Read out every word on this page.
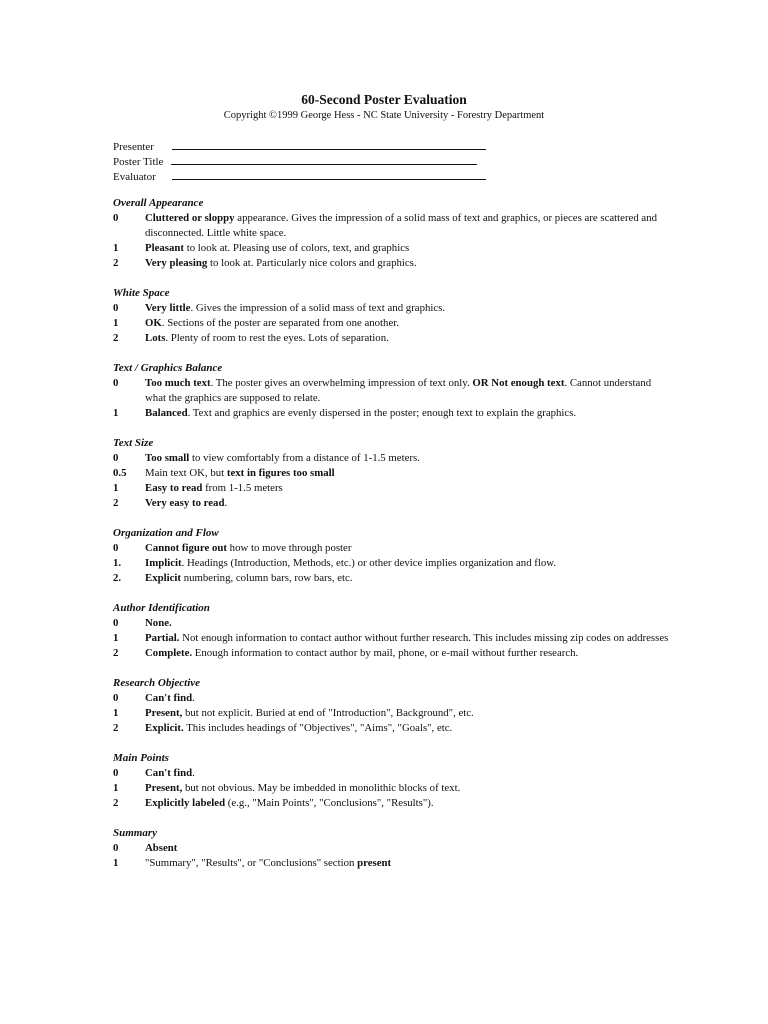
60-Second Poster Evaluation
Copyright ©1999 George Hess - NC State University - Forestry Department
Presenter
Poster Title
Evaluator
Overall Appearance
0	Cluttered or sloppy appearance. Gives the impression of a solid mass of text and graphics, or pieces are scattered and disconnected. Little white space.
1	Pleasant to look at. Pleasing use of colors, text, and graphics
2	Very pleasing to look at. Particularly nice colors and graphics.
White Space
0	Very little. Gives the impression of a solid mass of text and graphics.
1	OK. Sections of the poster are separated from one another.
2	Lots. Plenty of room to rest the eyes. Lots of separation.
Text / Graphics Balance
0	Too much text. The poster gives an overwhelming impression of text only. OR Not enough text. Cannot understand what the graphics are supposed to relate.
1	Balanced. Text and graphics are evenly dispersed in the poster; enough text to explain the graphics.
Text Size
0	Too small to view comfortably from a distance of 1-1.5 meters.
0.5	Main text OK, but text in figures too small
1	Easy to read from 1-1.5 meters
2	Very easy to read.
Organization and Flow
0	Cannot figure out how to move through poster
1.	Implicit. Headings (Introduction, Methods, etc.) or other device implies organization and flow.
2.	Explicit numbering, column bars, row bars, etc.
Author Identification
0	None.
1	Partial. Not enough information to contact author without further research. This includes missing zip codes on addresses
2	Complete. Enough information to contact author by mail, phone, or e-mail without further research.
Research Objective
0	Can't find.
1	Present, but not explicit. Buried at end of "Introduction", Background", etc.
2	Explicit. This includes headings of "Objectives", "Aims", "Goals", etc.
Main Points
0	Can't find.
1	Present, but not obvious. May be imbedded in monolithic blocks of text.
2	Explicitly labeled (e.g., "Main Points", "Conclusions", "Results").
Summary
0	Absent
1	"Summary", "Results", or "Conclusions" section present
